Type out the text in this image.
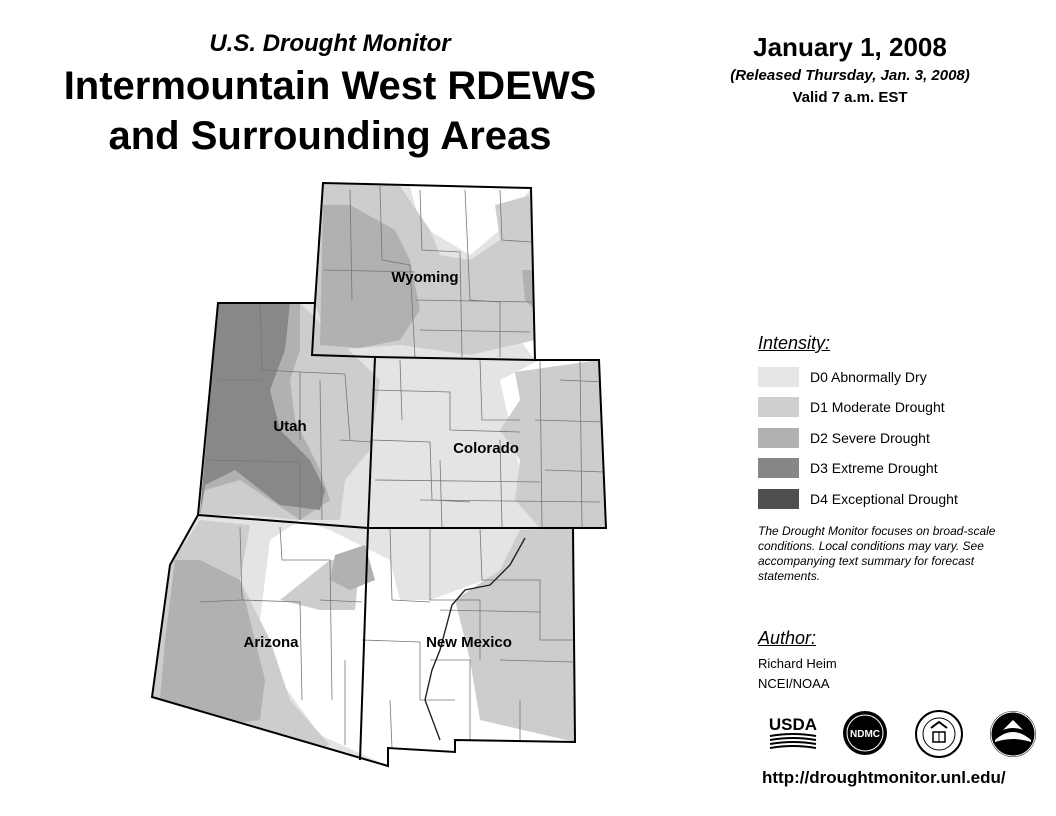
U.S. Drought Monitor
Intermountain West RDEWS
and Surrounding Areas
January 1, 2008
(Released Thursday, Jan. 3, 2008)
Valid 7 a.m. EST
Wyoming
Utah
Colorado
Arizona	New Mexico
Intensity:
D0 Abnormally Dry
D1 Moderate Drought
D2 Severe Drought
D3 Extreme Drought
D4 Exceptional Drought
The Drought Monitor focuses on broad-scale conditions. Local conditions may vary. See accompanying text summary for forecast statements.
Author:
Richard Heim
NCEI/NOAA
USDA
NDMC
http://droughtmonitor.unl.edu/
